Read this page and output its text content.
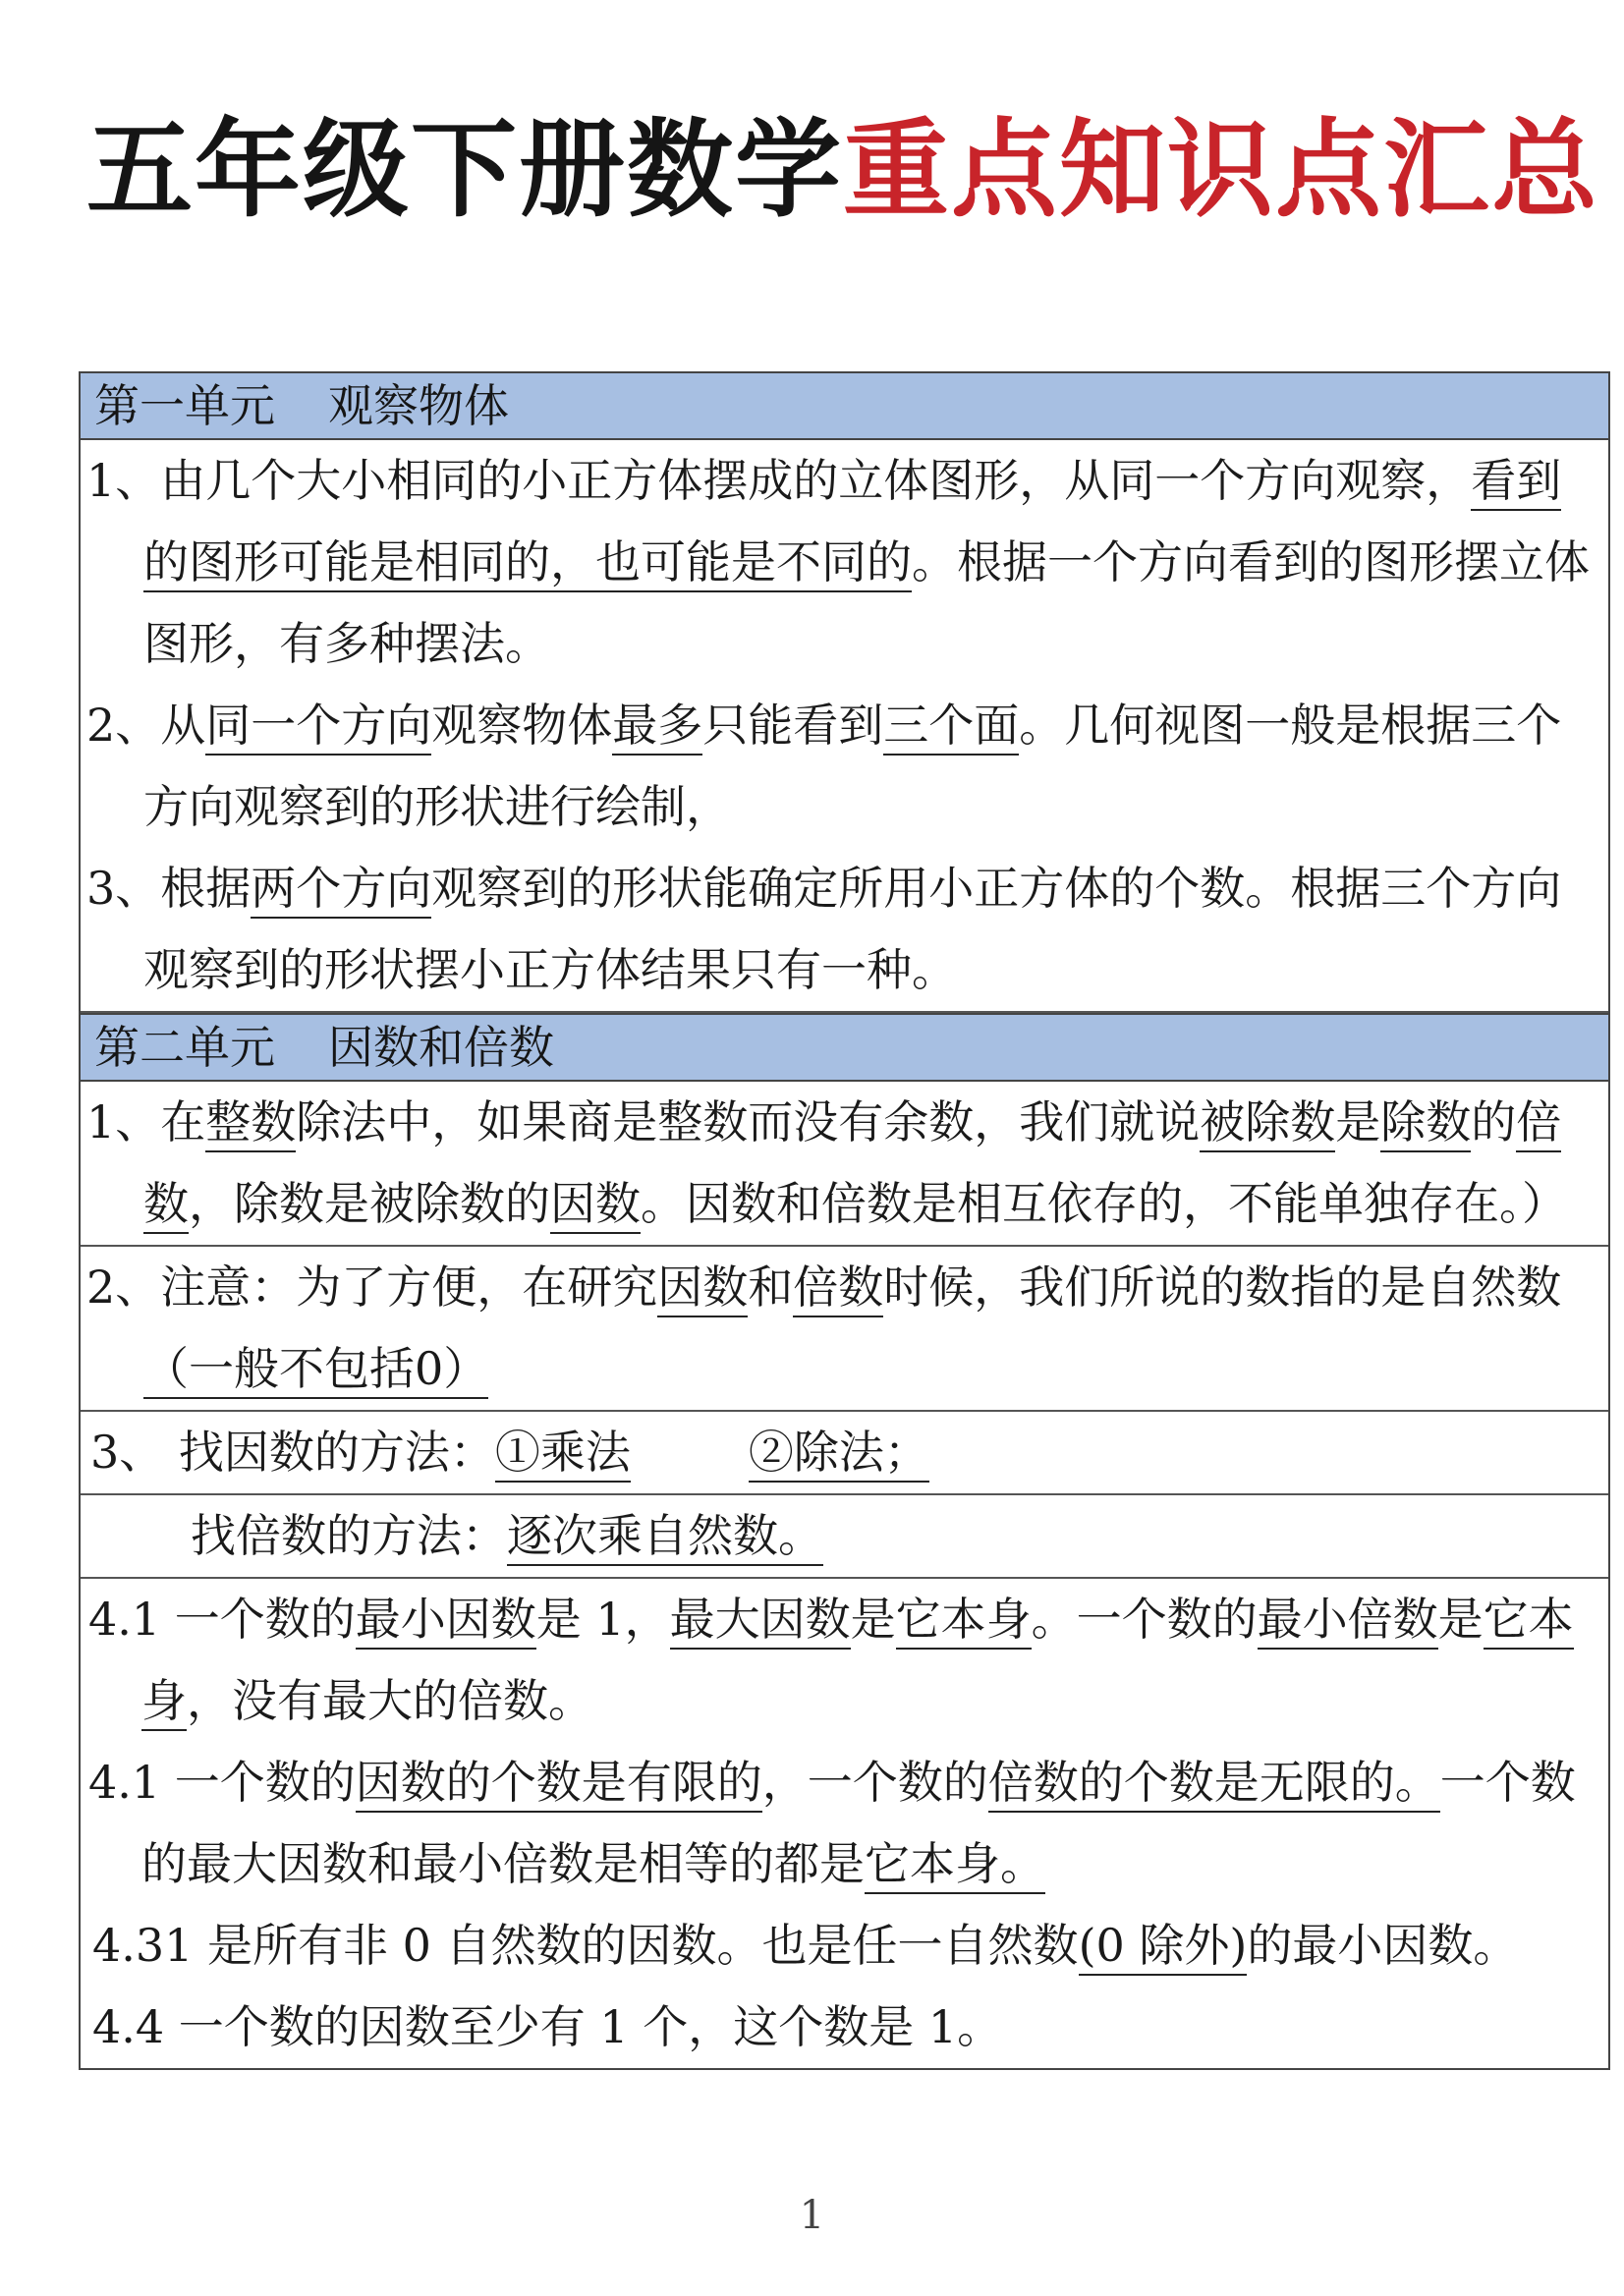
五年级下册数学重点知识点汇总
第一单元 观察物体
1、由几个大小相同的小正方体摆成的立体图形，从同一个方向观察，看到的图形可能是相同的，也可能是不同的。根据一个方向看到的图形摆立体图形，有多种摆法。
2、从同一个方向观察物体最多只能看到三个面。几何视图一般是根据三个方向观察到的形状进行绘制，
3、根据两个方向观察到的形状能确定所用小正方体的个数。根据三个方向观察到的形状摆小正方体结果只有一种。
第二单元 因数和倍数
1、在整数除法中，如果商是整数而没有余数，我们就说被除数是除数的倍数，除数是被除数的因数。因数和倍数是相互依存的，不能单独存在。）
2、注意：为了方便，在研究因数和倍数时候，我们所说的数指的是自然数（一般不包括0）
3、 找因数的方法：①乘法	②除法；
找倍数的方法：逐次乘自然数。
4.1 一个数的最小因数是 1，最大因数是它本身。一个数的最小倍数是它本身，没有最大的倍数。
4.1 一个数的因数的个数是有限的，一个数的倍数的个数是无限的。一个数的最大因数和最小倍数是相等的都是它本身。
4.31 是所有非 0 自然数的因数。也是任一自然数(0 除外)的最小因数。
4.4 一个数的因数至少有 1 个，这个数是 1。
1
